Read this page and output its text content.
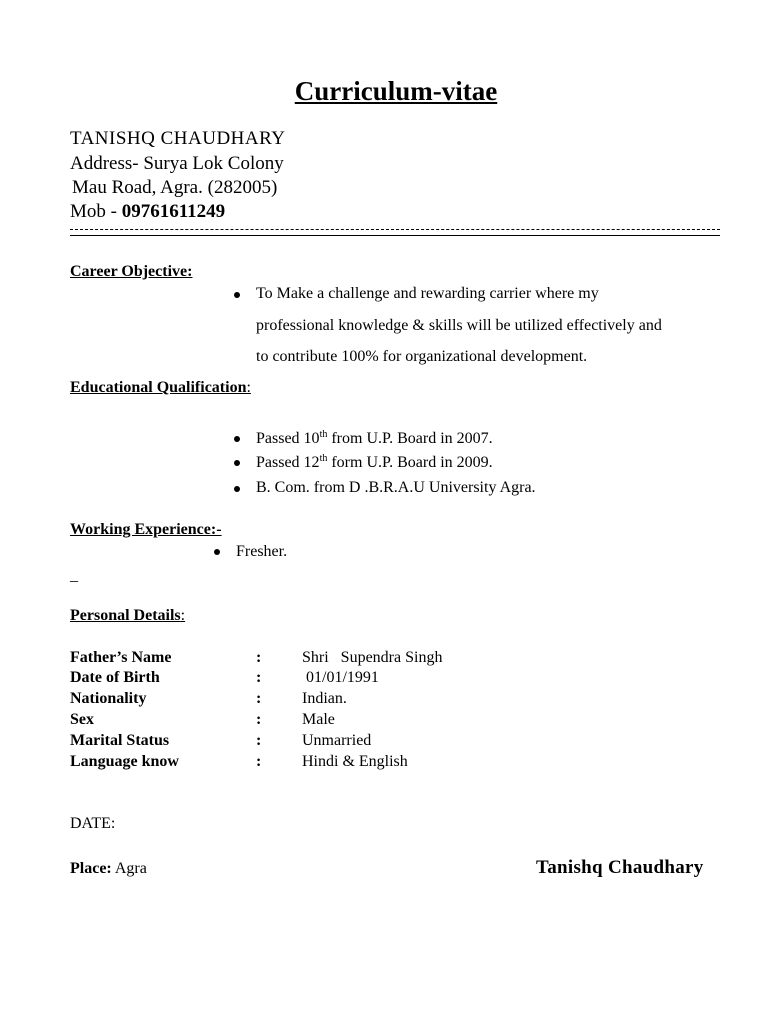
Curriculum-vitae
TANISHQ CHAUDHARY
Address- Surya Lok Colony
Mau Road, Agra. (282005)
Mob - 09761611249
Career Objective:
To Make a challenge and rewarding carrier where my
professional knowledge & skills will be utilized effectively and
to contribute 100% for organizational development.
Educational Qualification:
Passed 10th from U.P. Board in 2007.
Passed 12th form U.P. Board in 2009.
B. Com. from D .B.R.A.U University Agra.
Working Experience:-
Fresher.
_
Personal Details:
Father’s Name	:	Shri   Supendra Singh
Date of Birth	:	01/01/1991
Nationality	:	Indian.
Sex	:	Male
Marital Status	:	Unmarried
Language know	:	Hindi & English
DATE:
Place: Agra	Tanishq Chaudhary
